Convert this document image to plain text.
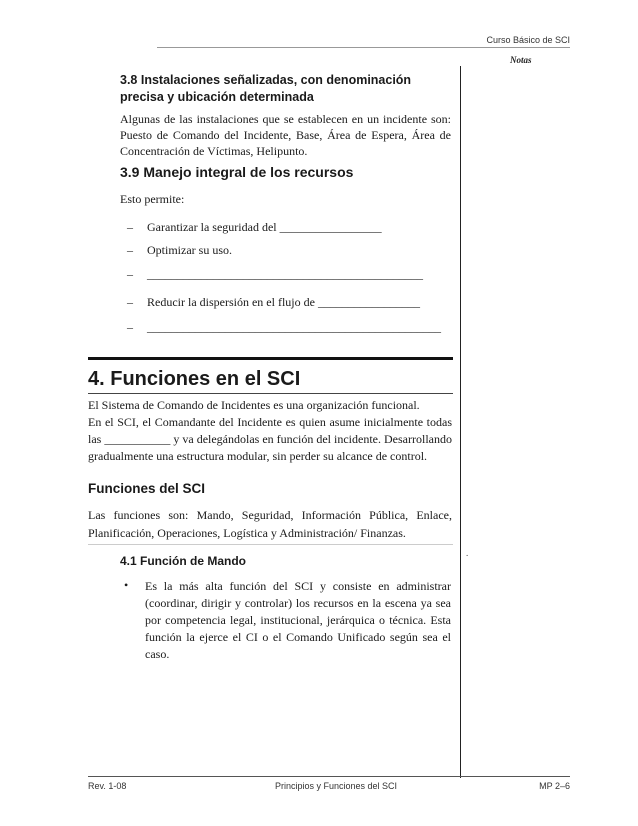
Curso Básico de SCI
Notas
3.8 Instalaciones señalizadas, con denominación precisa y ubicación determinada
Algunas de las instalaciones que se establecen en un incidente son: Puesto de Comando del Incidente, Base, Área de Espera, Área de Concentración de Víctimas, Helipunto.
3.9 Manejo integral de los recursos
Esto permite:
– Garantizar la seguridad del _________________
– Optimizar su uso.
– ______________________________________________
– Reducir la dispersión en el flujo de _________________
– _________________________________________________
4. Funciones en el SCI
El Sistema de Comando de Incidentes es una organización funcional.
En el SCI, el Comandante del Incidente es quien asume inicialmente todas las ___________ y va delegándolas en función del incidente. Desarrollando gradualmente una estructura modular, sin perder su alcance de control.
Funciones del SCI
Las funciones son: Mando, Seguridad, Información Pública, Enlace, Planificación, Operaciones, Logística y Administración/ Finanzas.
.
4.1 Función de Mando
• Es la más alta función del SCI y consiste en administrar (coordinar, dirigir y controlar) los recursos en la escena ya sea por competencia legal, institucional, jerárquica o técnica. Esta función la ejerce el CI o el Comando Unificado según sea el caso.
Rev. 1-08	Principios y Funciones del SCI	MP 2–6
